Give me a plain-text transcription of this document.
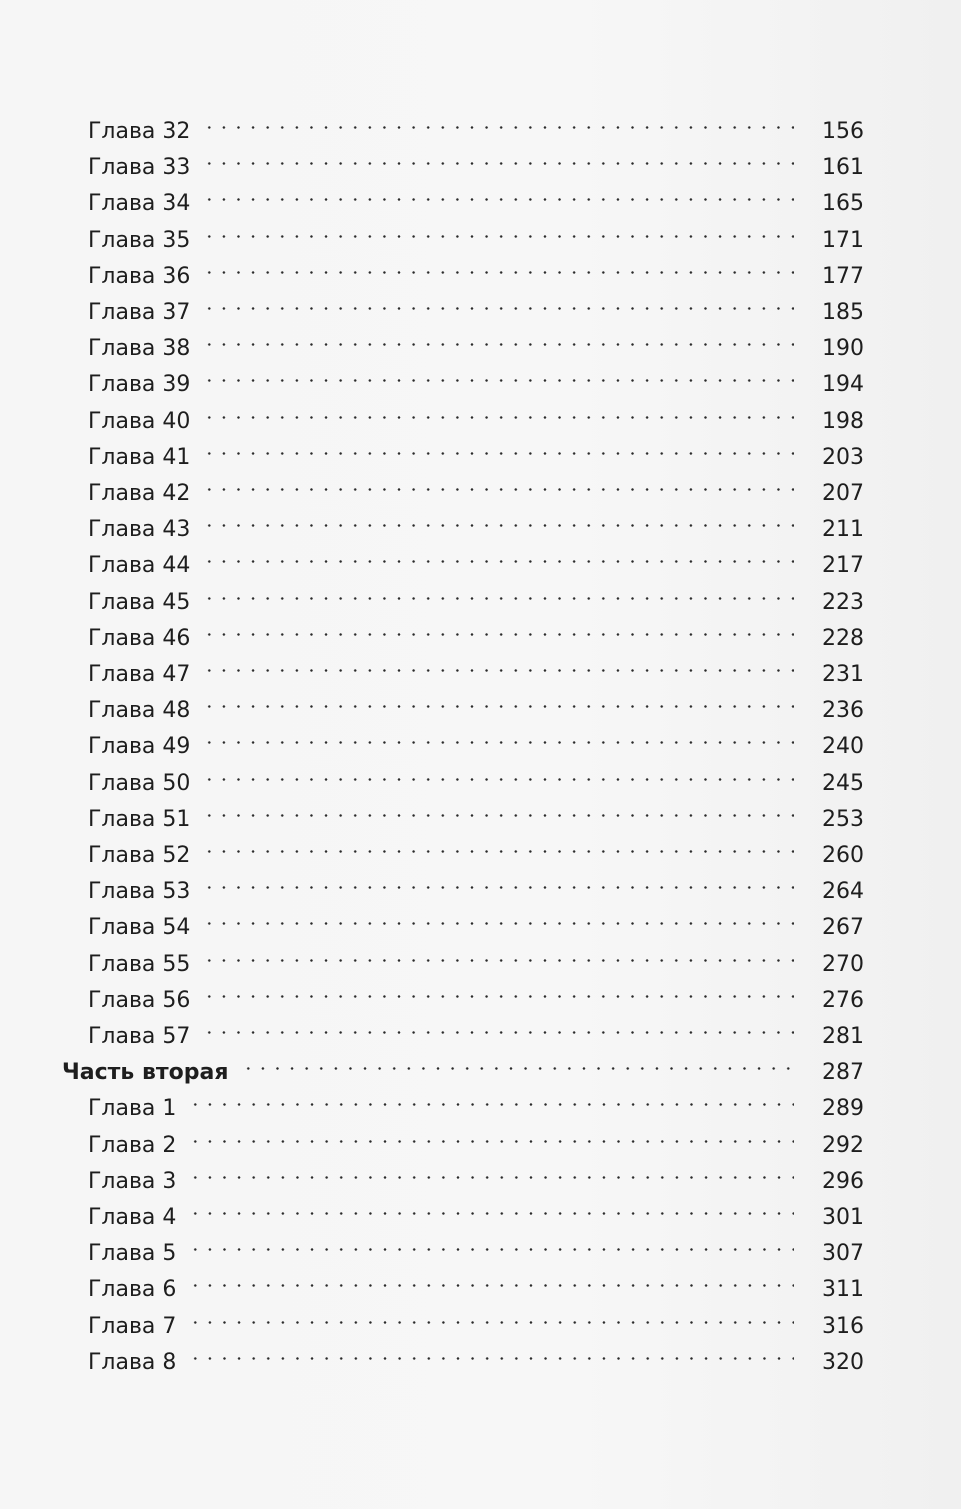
Глава 32	156
Глава 33	161
Глава 34	165
Глава 35	171
Глава 36	177
Глава 37	185
Глава 38	190
Глава 39	194
Глава 40	198
Глава 41	203
Глава 42	207
Глава 43	211
Глава 44	217
Глава 45	223
Глава 46	228
Глава 47	231
Глава 48	236
Глава 49	240
Глава 50	245
Глава 51	253
Глава 52	260
Глава 53	264
Глава 54	267
Глава 55	270
Глава 56	276
Глава 57	281
Часть вторая	287
Глава 1	289
Глава 2	292
Глава 3	296
Глава 4	301
Глава 5	307
Глава 6	311
Глава 7	316
Глава 8	320
